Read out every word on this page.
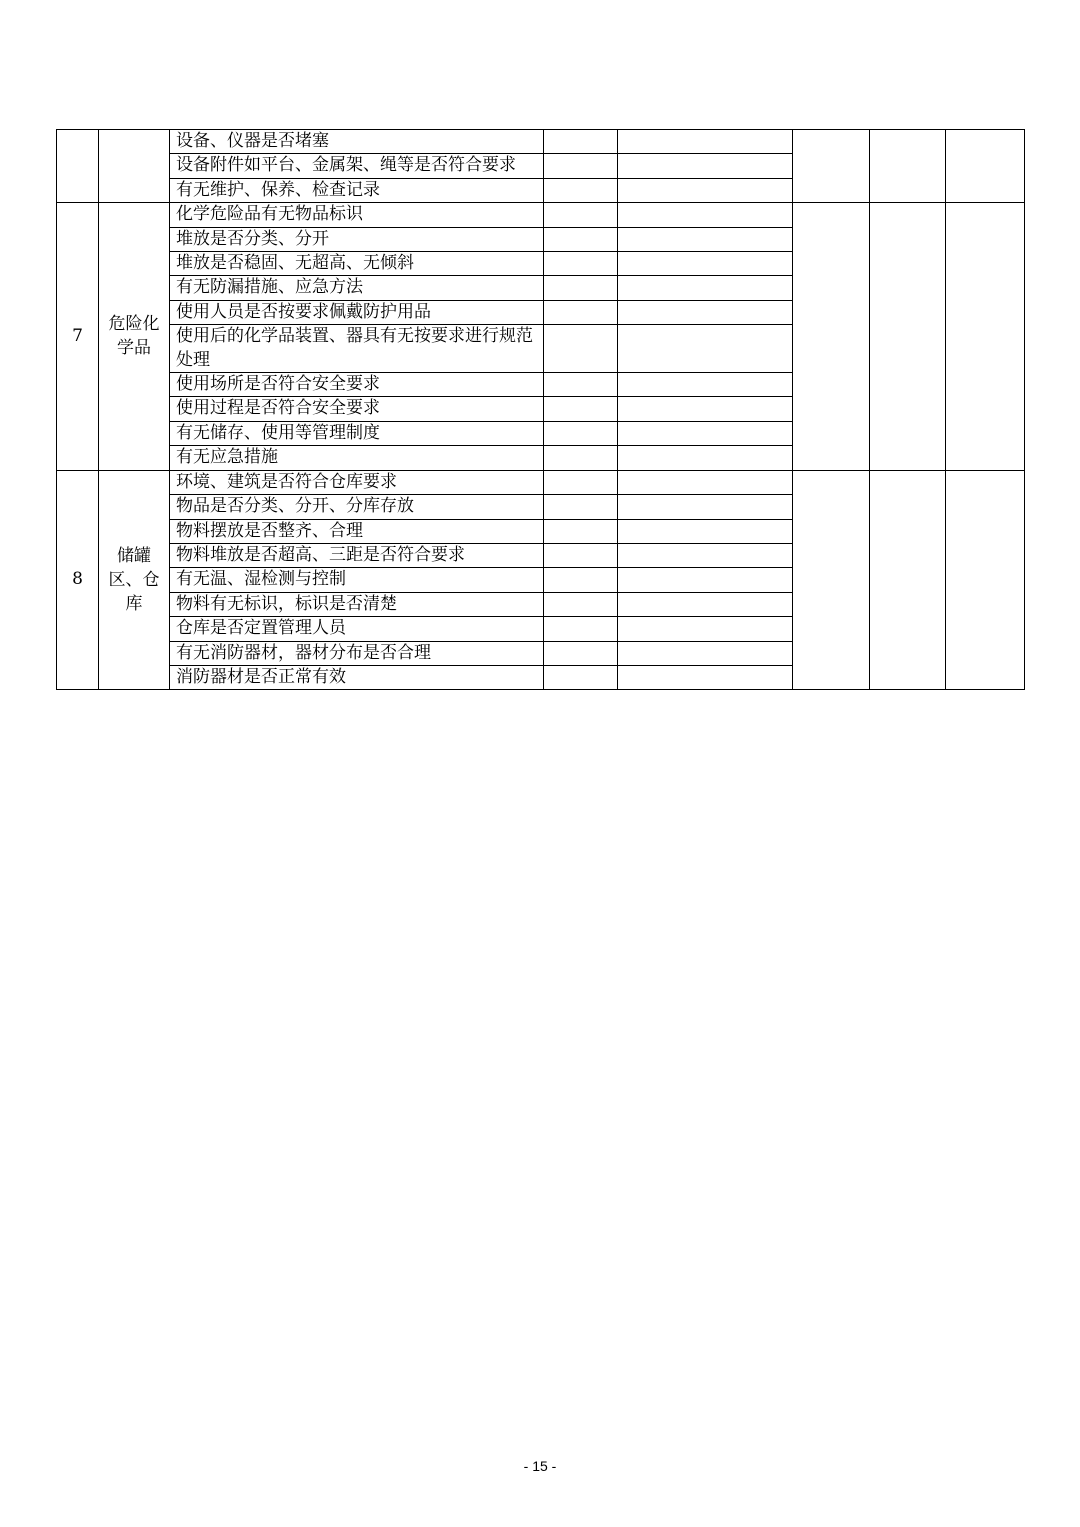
		设备、仪器是否堵塞					
		设备附件如平台、金属架、绳等是否符合要求					
		有无维护、保养、检查记录					
7	危险化学品	化学危险品有无物品标识					
		堆放是否分类、分开					
		堆放是否稳固、无超高、无倾斜					
		有无防漏措施、应急方法					
		使用人员是否按要求佩戴防护用品					
		使用后的化学品装置、器具有无按要求进行规范处理					
		使用场所是否符合安全要求					
		使用过程是否符合安全要求					
		有无储存、使用等管理制度					
		有无应急措施					
8	储罐区、仓库	环境、建筑是否符合仓库要求					
		物品是否分类、分开、分库存放					
		物料摆放是否整齐、合理					
		物料堆放是否超高、三距是否符合要求					
		有无温、湿检测与控制					
		物料有无标识，标识是否清楚					
		仓库是否定置管理人员					
		有无消防器材，器材分布是否合理					
		消防器材是否正常有效					
- 15 -
